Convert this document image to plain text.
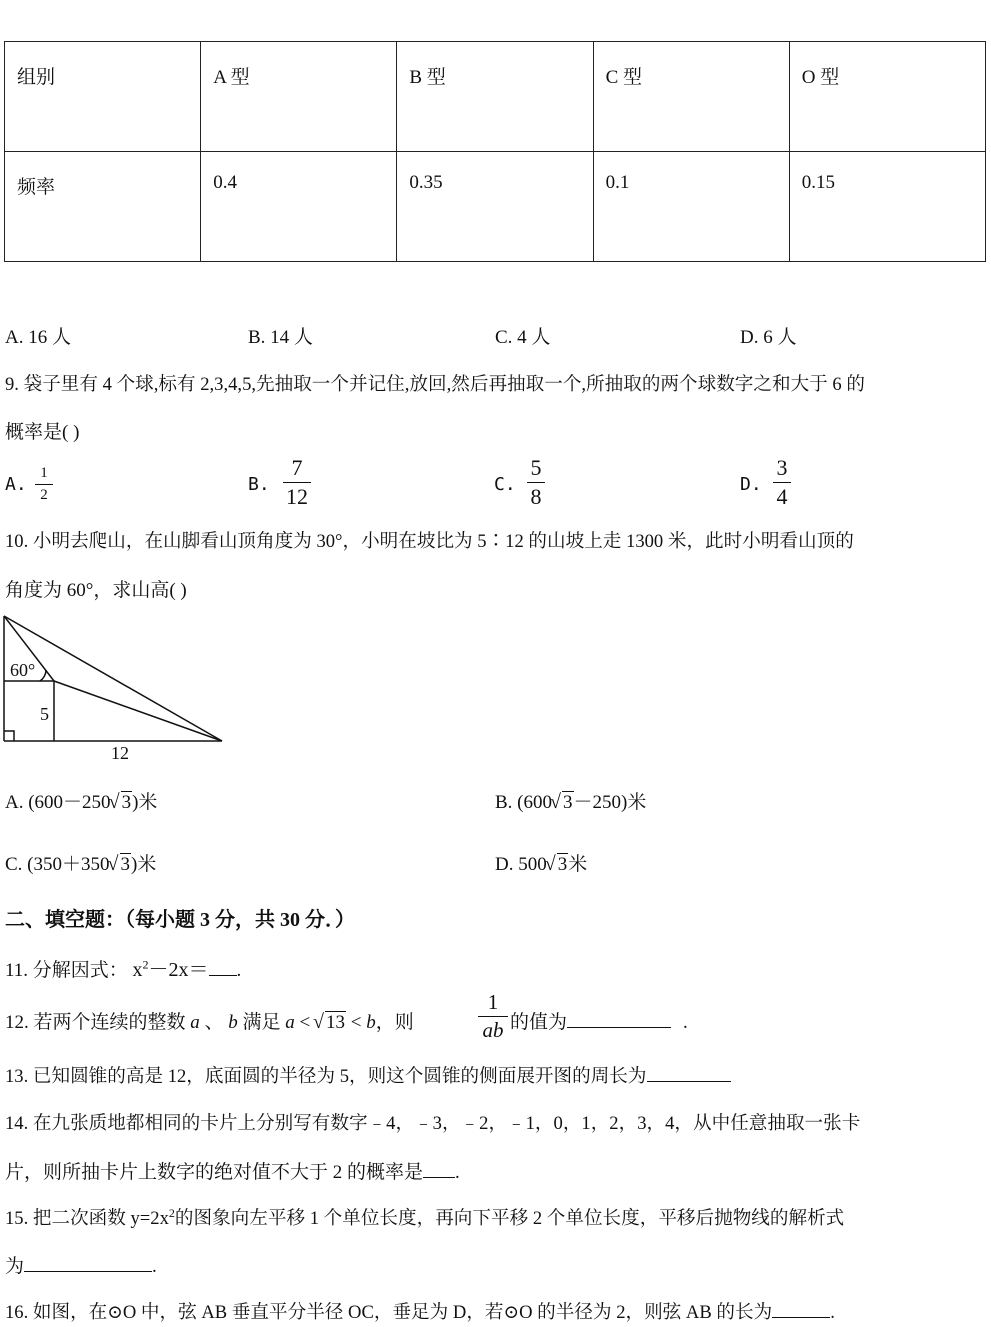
组别	A 型	B 型	C 型	O 型
频率	0.4	0.35	0.1	0.15
A. 16 人	B. 14 人	C. 4 人	D. 6 人
9. 袋子里有 4 个球,标有 2,3,4,5,先抽取一个并记住,放回,然后再抽取一个,所抽取的两个球数字之和大于 6 的
概率是( )
A.
1
2	B.
7
12	C.
5
8	D.
3
4
10. 小明去爬山，在山脚看山顶角度为 30°，小明在坡比为 5∶12 的山坡上走 1300 米，此时小明看山顶的
角度为 60°，求山高( )
60°
5
12
A. (600－250 √ 3)米	B. (600 √ 3－250)米
C. (350＋350 √ 3)米	D. 500 √ 3米
二、填空题：（每小题 3 分，共 30 分．）
11. 分解因式： $x^2-2x=$ .
12. 若两个连续的整数 a 、 b 满足 a < √ 13 < b，则
1
ab 的值为	.
13. 已知圆锥的高是 12，底面圆的半径为 5，则这个圆锥的侧面展开图的周长为
14. 在九张质地都相同的卡片上分别写有数字﹣4，﹣3，﹣2，﹣1，0，1，2，3，4，从中任意抽取一张卡
片，则所抽卡片上数字的绝对值不大于 2 的概率是 .
15. 把二次函数 $y=2x^2$的图象向左平移 1 个单位长度，再向下平移 2 个单位长度，平移后抛物线的解析式
为	.
16. 如图，在⊙O 中，弦 AB 垂直平分半径 OC，垂足为 D，若⊙O 的半径为 2，则弦 AB 的长为	.
